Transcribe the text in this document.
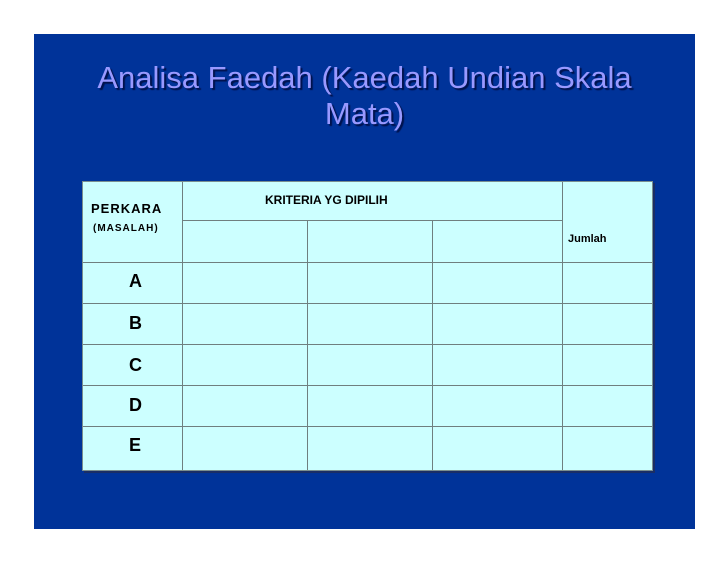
Analisa Faedah (Kaedah Undian Skala
Mata)
PERKARA
(MASALAH)
KRITERIA YG DIPILIH
Jumlah
A
B
C
D
E
